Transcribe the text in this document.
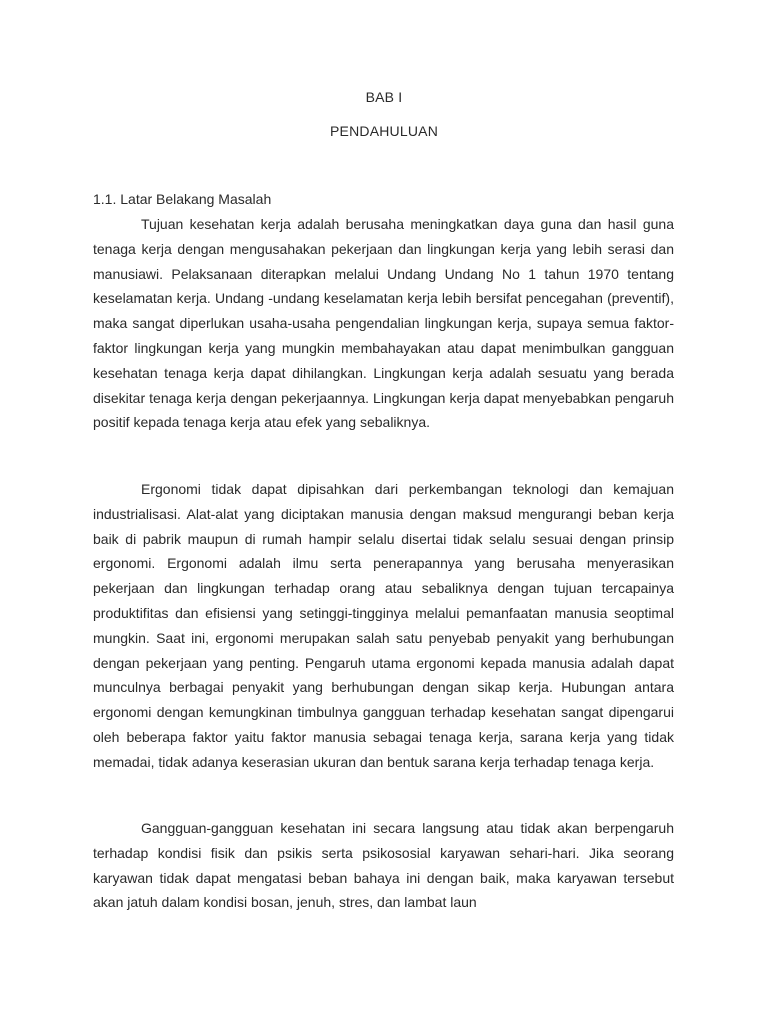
BAB I
PENDAHULUAN
1.1. Latar Belakang Masalah

Tujuan kesehatan kerja adalah berusaha meningkatkan daya guna dan hasil guna tenaga kerja dengan mengusahakan pekerjaan dan lingkungan kerja yang lebih serasi dan manusiawi. Pelaksanaan diterapkan melalui Undang Undang No 1 tahun 1970 tentang keselamatan kerja. Undang -undang keselamatan kerja lebih bersifat pencegahan (preventif), maka sangat diperlukan usaha-usaha pengendalian lingkungan kerja, supaya semua faktor-faktor lingkungan kerja yang mungkin membahayakan atau dapat menimbulkan gangguan kesehatan tenaga kerja dapat dihilangkan. Lingkungan kerja adalah sesuatu yang berada disekitar tenaga kerja dengan pekerjaannya. Lingkungan kerja dapat menyebabkan pengaruh positif kepada tenaga kerja atau efek yang sebaliknya.

Ergonomi tidak dapat dipisahkan dari perkembangan teknologi dan kemajuan industrialisasi. Alat-alat yang diciptakan manusia dengan maksud mengurangi beban kerja baik di pabrik maupun di rumah hampir selalu disertai tidak selalu sesuai dengan prinsip ergonomi. Ergonomi adalah ilmu serta penerapannya yang berusaha menyerasikan pekerjaan dan lingkungan terhadap orang atau sebaliknya dengan tujuan tercapainya produktifitas dan efisiensi yang setinggi-tingginya melalui pemanfaatan manusia seoptimal mungkin. Saat ini, ergonomi merupakan salah satu penyebab penyakit yang berhubungan dengan pekerjaan yang penting. Pengaruh utama ergonomi kepada manusia adalah dapat munculnya berbagai penyakit yang berhubungan dengan sikap kerja. Hubungan antara ergonomi dengan kemungkinan timbulnya gangguan terhadap kesehatan sangat dipengarui oleh beberapa faktor yaitu faktor manusia sebagai tenaga kerja, sarana kerja yang tidak memadai, tidak adanya keserasian ukuran dan bentuk sarana kerja terhadap tenaga kerja.

Gangguan-gangguan kesehatan ini secara langsung atau tidak akan berpengaruh terhadap kondisi fisik dan psikis serta psikososial karyawan sehari-hari. Jika seorang karyawan tidak dapat mengatasi beban bahaya ini dengan baik, maka karyawan tersebut akan jatuh dalam kondisi bosan, jenuh, stres, dan lambat laun
